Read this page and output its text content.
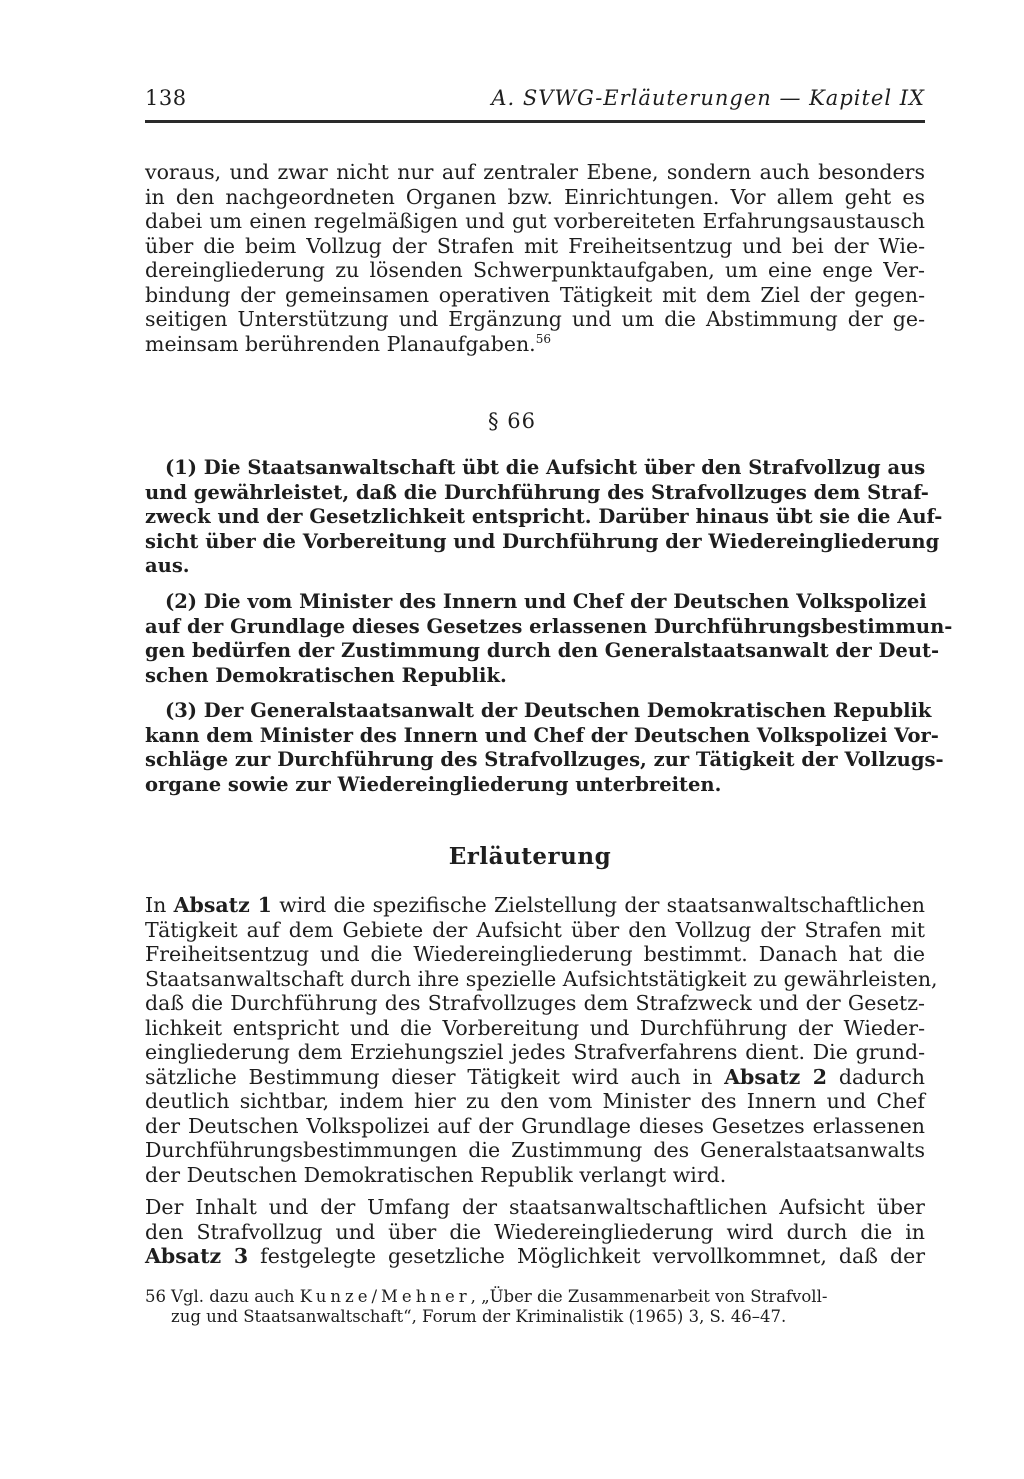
138	A. SVWG-Erläuterungen — Kapitel IX
voraus, und zwar nicht nur auf zentraler Ebene, sondern auch besonders
in den nachgeordneten Organen bzw. Einrichtungen. Vor allem geht es
dabei um einen regelmäßigen und gut vorbereiteten Erfahrungsaustausch
über die beim Vollzug der Strafen mit Freiheitsentzug und bei der Wie-
dereingliederung zu lösenden Schwerpunktaufgaben, um eine enge Ver-
bindung der gemeinsamen operativen Tätigkeit mit dem Ziel der gegen-
seitigen Unterstützung und Ergänzung und um die Abstimmung der ge-
meinsam berührenden Planaufgaben.$^{56}$
§ 66
(1) Die Staatsanwaltschaft übt die Aufsicht über den Strafvollzug aus
und gewährleistet, daß die Durchführung des Strafvollzuges dem Straf-
zweck und der Gesetzlichkeit entspricht. Darüber hinaus übt sie die Auf-
sicht über die Vorbereitung und Durchführung der Wiedereingliederung
aus.
(2) Die vom Minister des Innern und Chef der Deutschen Volkspolizei
auf der Grundlage dieses Gesetzes erlassenen Durchführungsbestimmun-
gen bedürfen der Zustimmung durch den Generalstaatsanwalt der Deut-
schen Demokratischen Republik.
(3) Der Generalstaatsanwalt der Deutschen Demokratischen Republik
kann dem Minister des Innern und Chef der Deutschen Volkspolizei Vor-
schläge zur Durchführung des Strafvollzuges, zur Tätigkeit der Vollzugs-
organe sowie zur Wiedereingliederung unterbreiten.
Erläuterung
In Absatz 1 wird die spezifische Zielstellung der staatsanwaltschaftlichen
Tätigkeit auf dem Gebiete der Aufsicht über den Vollzug der Strafen mit
Freiheitsentzug und die Wiedereingliederung bestimmt. Danach hat die
Staatsanwaltschaft durch ihre spezielle Aufsichtstätigkeit zu gewährleisten,
daß die Durchführung des Strafvollzuges dem Strafzweck und der Gesetz-
lichkeit entspricht und die Vorbereitung und Durchführung der Wieder-
eingliederung dem Erziehungsziel jedes Strafverfahrens dient. Die grund-
sätzliche Bestimmung dieser Tätigkeit wird auch in Absatz 2 dadurch
deutlich sichtbar, indem hier zu den vom Minister des Innern und Chef
der Deutschen Volkspolizei auf der Grundlage dieses Gesetzes erlassenen
Durchführungsbestimmungen die Zustimmung des Generalstaatsanwalts
der Deutschen Demokratischen Republik verlangt wird.
Der Inhalt und der Umfang der staatsanwaltschaftlichen Aufsicht über
den Strafvollzug und über die Wiedereingliederung wird durch die in
Absatz 3 festgelegte gesetzliche Möglichkeit vervollkommnet, daß der
56 Vgl. dazu auch Kunze/Mehner, „Über die Zusammenarbeit von Strafvoll-
zug und Staatsanwaltschaft“, Forum der Kriminalistik (1965) 3, S. 46–47.
